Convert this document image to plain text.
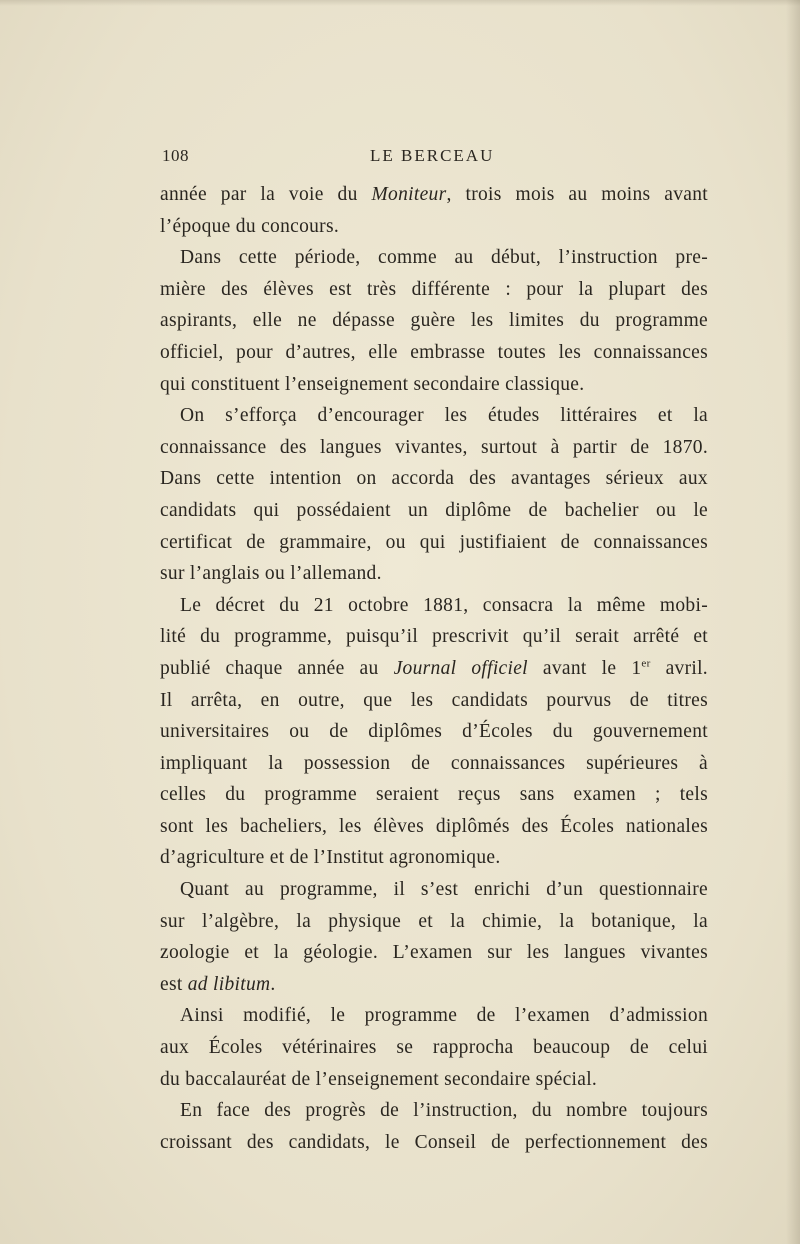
108	LE BERCEAU

année par la voie du Moniteur, trois mois au moins avant
l’époque du concours.

Dans cette période, comme au début, l’instruction pre-
mière des élèves est très différente : pour la plupart des
aspirants, elle ne dépasse guère les limites du programme
officiel, pour d’autres, elle embrasse toutes les connaissances
qui constituent l’enseignement secondaire classique.

On s’efforça d’encourager les études littéraires et la
connaissance des langues vivantes, surtout à partir de 1870.
Dans cette intention on accorda des avantages sérieux aux
candidats qui possédaient un diplôme de bachelier ou le
certificat de grammaire, ou qui justifiaient de connaissances
sur l’anglais ou l’allemand.

Le décret du 21 octobre 1881, consacra la même mobi-
lité du programme, puisqu’il prescrivit qu’il serait arrêté et
publié chaque année au Journal officiel avant le 1er avril.
Il arrêta, en outre, que les candidats pourvus de titres
universitaires ou de diplômes d’Écoles du gouvernement
impliquant la possession de connaissances supérieures à
celles du programme seraient reçus sans examen ; tels
sont les bacheliers, les élèves diplômés des Écoles nationales
d’agriculture et de l’Institut agronomique.

Quant au programme, il s’est enrichi d’un questionnaire
sur l’algèbre, la physique et la chimie, la botanique, la
zoologie et la géologie. L’examen sur les langues vivantes
est ad libitum.

Ainsi modifié, le programme de l’examen d’admission
aux Écoles vétérinaires se rapprocha beaucoup de celui
du baccalauréat de l’enseignement secondaire spécial.

En face des progrès de l’instruction, du nombre toujours
croissant des candidats, le Conseil de perfectionnement des
